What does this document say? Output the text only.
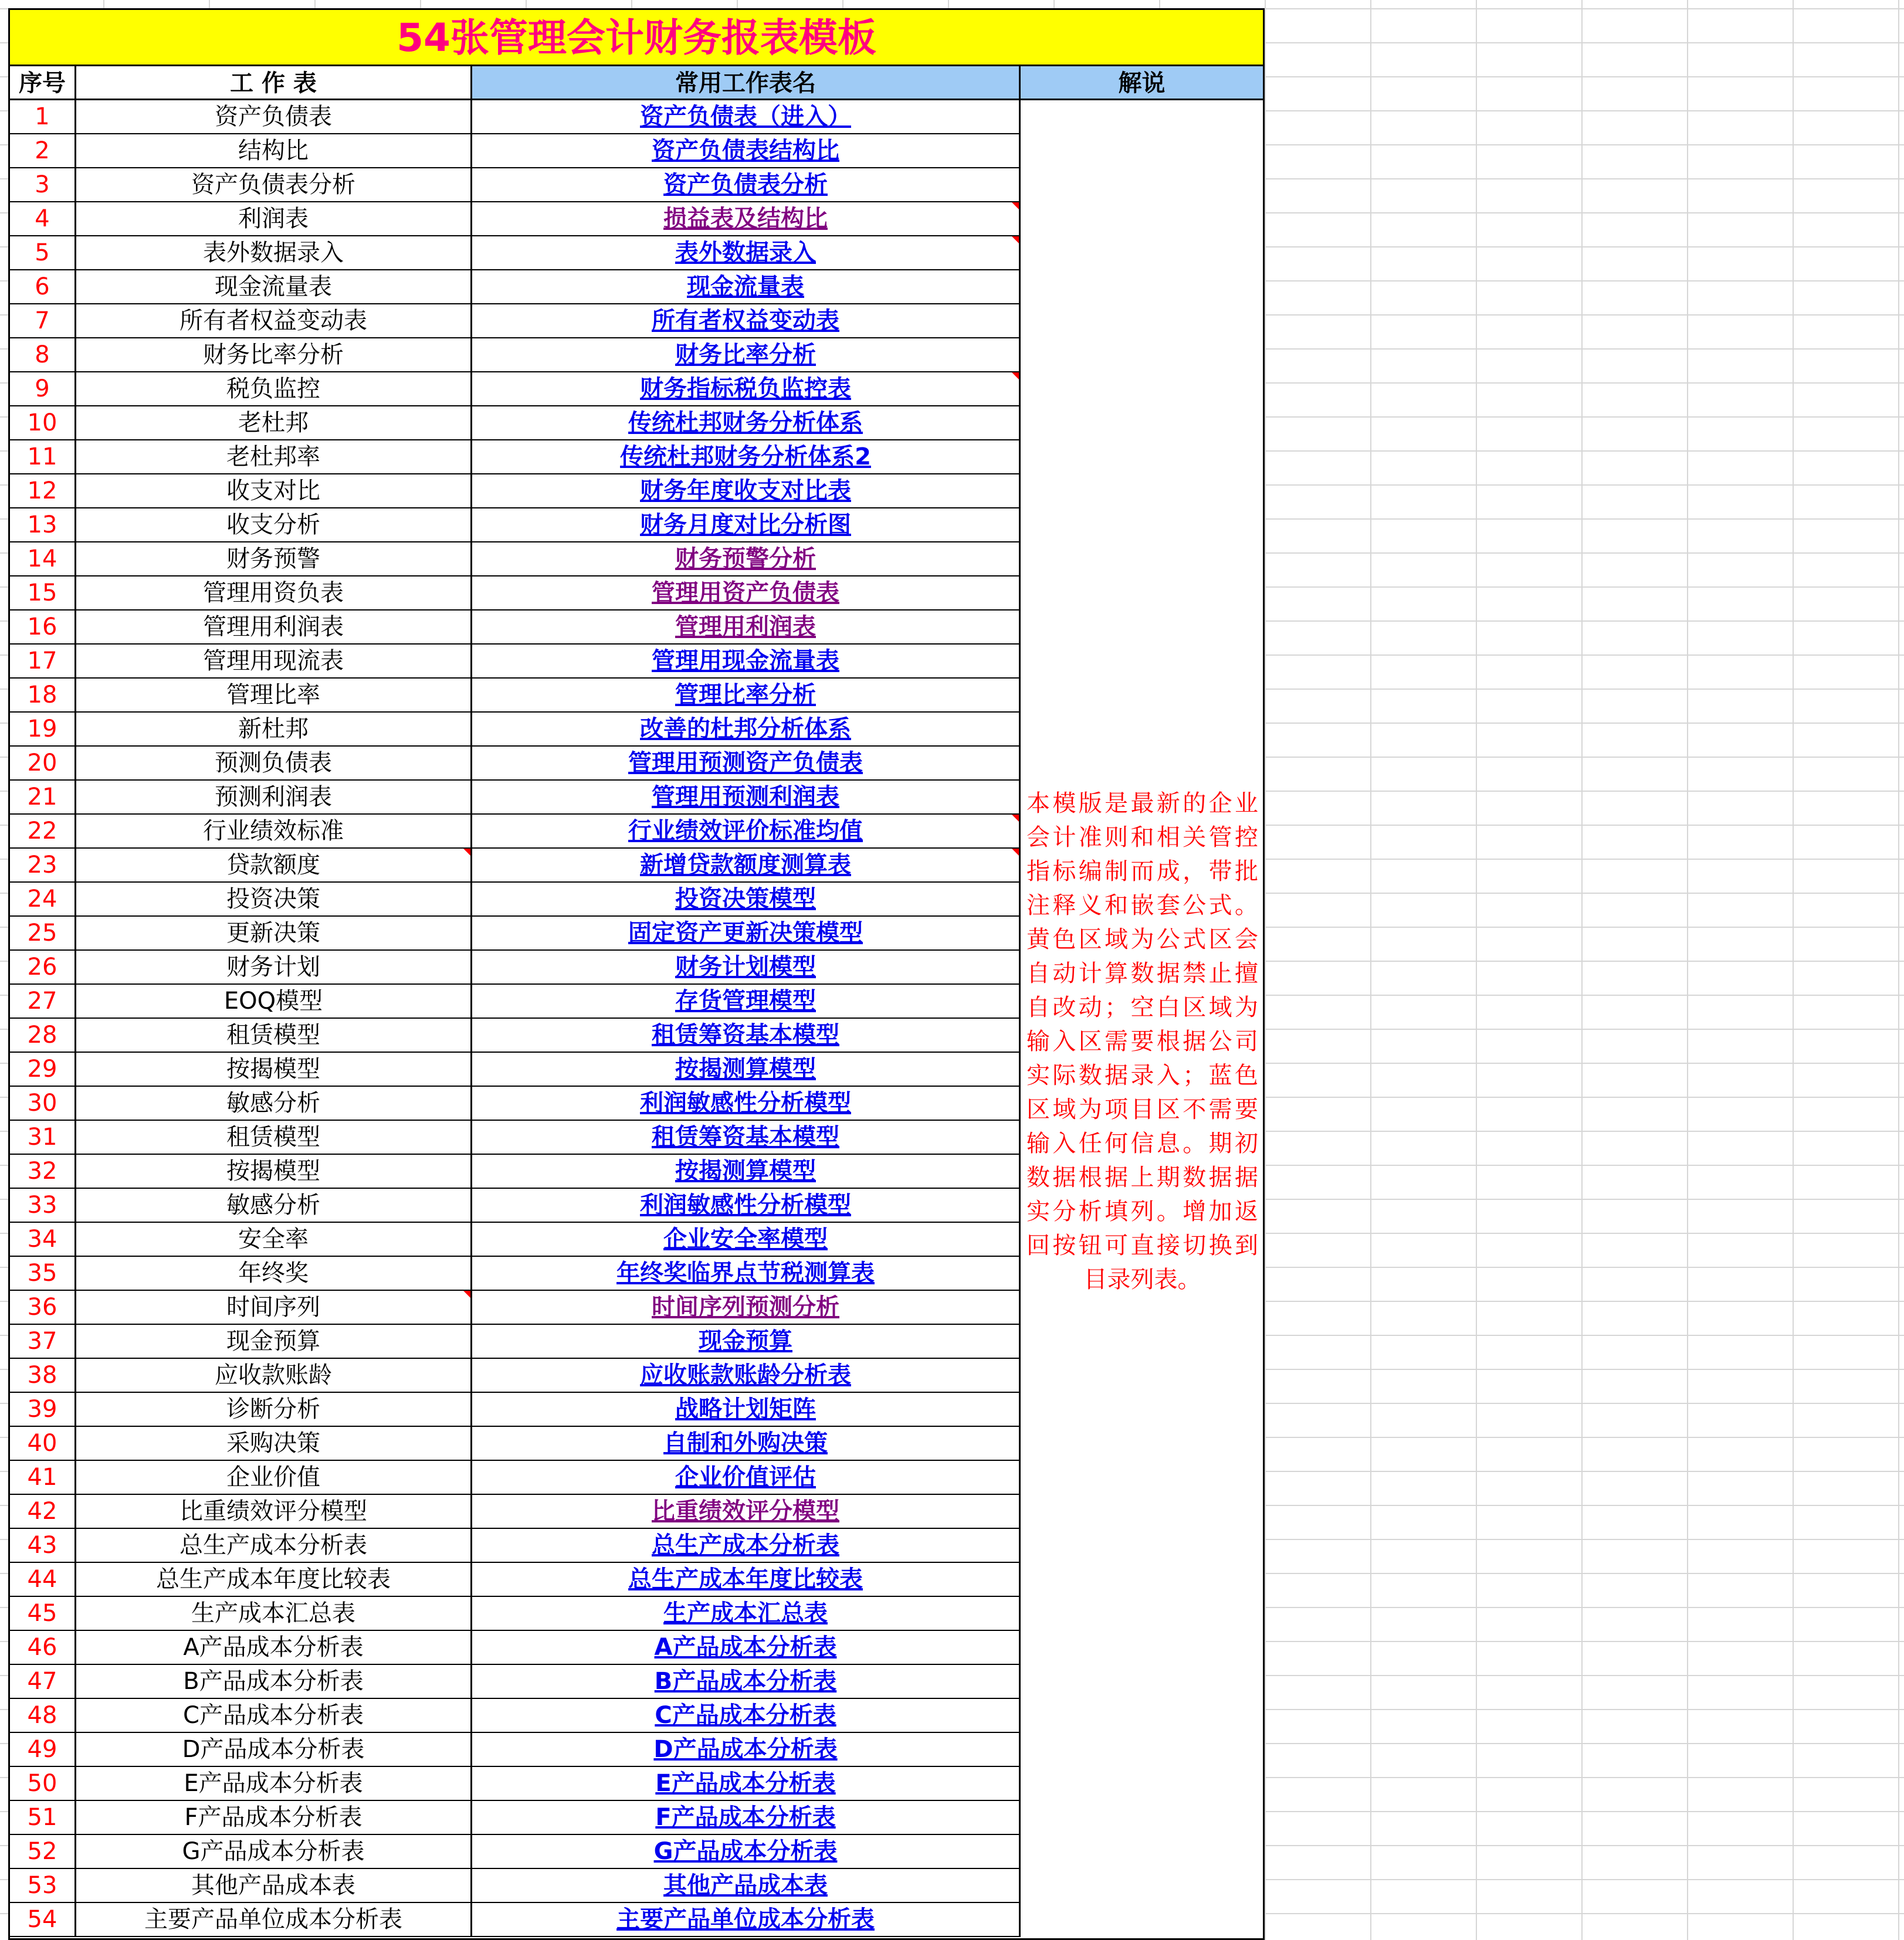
54张管理会计财务报表模板
序号	工 作 表	常用工作表名	解说
1	资产负债表	资产负债表（进入）
2	结构比	资产负债表结构比
3	资产负债表分析	资产负债表分析
4	利润表	损益表及结构比
5	表外数据录入	表外数据录入
6	现金流量表	现金流量表
7	所有者权益变动表	所有者权益变动表
8	财务比率分析	财务比率分析
9	税负监控	财务指标税负监控表
10	老杜邦	传统杜邦财务分析体系
11	老杜邦率	传统杜邦财务分析体系2
12	收支对比	财务年度收支对比表
13	收支分析	财务月度对比分析图
14	财务预警	财务预警分析
15	管理用资负表	管理用资产负债表
16	管理用利润表	管理用利润表
17	管理用现流表	管理用现金流量表
18	管理比率	管理比率分析
19	新杜邦	改善的杜邦分析体系
20	预测负债表	管理用预测资产负债表
21	预测利润表	管理用预测利润表
22	行业绩效标准	行业绩效评价标准均值
23	贷款额度	新增贷款额度测算表
24	投资决策	投资决策模型
25	更新决策	固定资产更新决策模型
26	财务计划	财务计划模型
27	EOQ模型	存货管理模型
28	租赁模型	租赁筹资基本模型
29	按揭模型	按揭测算模型
30	敏感分析	利润敏感性分析模型
31	租赁模型	租赁筹资基本模型
32	按揭模型	按揭测算模型
33	敏感分析	利润敏感性分析模型
34	安全率	企业安全率模型
35	年终奖	年终奖临界点节税测算表
36	时间序列	时间序列预测分析
37	现金预算	现金预算
38	应收款账龄	应收账款账龄分析表
39	诊断分析	战略计划矩阵
40	采购决策	自制和外购决策
41	企业价值	企业价值评估
42	比重绩效评分模型	比重绩效评分模型
43	总生产成本分析表	总生产成本分析表
44	总生产成本年度比较表	总生产成本年度比较表
45	生产成本汇总表	生产成本汇总表
46	A产品成本分析表	A产品成本分析表
47	B产品成本分析表	B产品成本分析表
48	C产品成本分析表	C产品成本分析表
49	D产品成本分析表	D产品成本分析表
50	E产品成本分析表	E产品成本分析表
51	F产品成本分析表	F产品成本分析表
52	G产品成本分析表	G产品成本分析表
53	其他产品成本表	其他产品成本表
54	主要产品单位成本分析表	主要产品单位成本分析表
本模版是最新的企业会计准则和相关管控指标编制而成，带批注释义和嵌套公式。黄色区域为公式区会自动计算数据禁止擅自改动；空白区域为输入区需要根据公司实际数据录入；蓝色区域为项目区不需要输入任何信息。期初数据根据上期数据据实分析填列。增加返回按钮可直接切换到目录列表。
